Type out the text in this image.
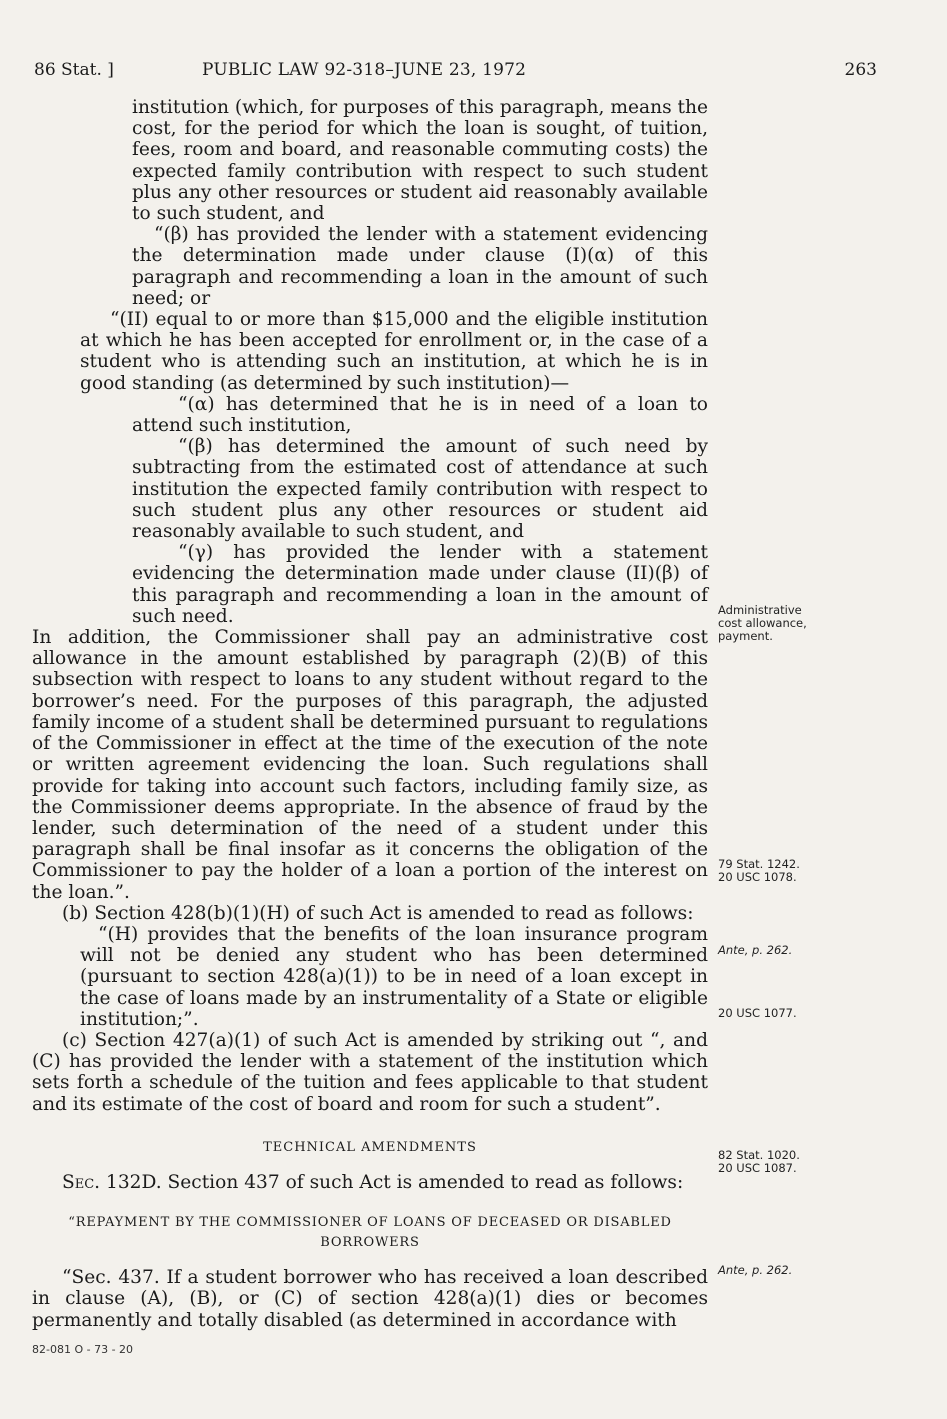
86 Stat. ]	PUBLIC LAW 92-318–JUNE 23, 1972	263

institution (which, for purposes of this paragraph, means the cost, for the period for which the loan is sought, of tuition, fees, room and board, and reasonable commuting costs) the expected family contribution with respect to such student plus any other resources or student aid reasonably available to such student, and

“(β) has provided the lender with a statement evidencing the determination made under clause (I)(α) of this paragraph and recommending a loan in the amount of such need; or

“(II) equal to or more than $15,000 and the eligible institution at which he has been accepted for enrollment or, in the case of a student who is attending such an institution, at which he is in good standing (as determined by such institution)—

“(α) has determined that he is in need of a loan to attend such institution,

“(β) has determined the amount of such need by subtracting from the estimated cost of attendance at such institution the expected family contribution with respect to such student plus any other resources or student aid reasonably available to such student, and

“(γ) has provided the lender with a statement evidencing the determination made under clause (II)(β) of this paragraph and recommending a loan in the amount of such need.

In addition, the Commissioner shall pay an administrative cost allowance in the amount established by paragraph (2)(B) of this subsection with respect to loans to any student without regard to the borrower’s need. For the purposes of this paragraph, the adjusted family income of a student shall be determined pursuant to regulations of the Commissioner in effect at the time of the execution of the note or written agreement evidencing the loan. Such regulations shall provide for taking into account such factors, including family size, as the Commissioner deems appropriate. In the absence of fraud by the lender, such determination of the need of a student under this paragraph shall be final insofar as it concerns the obligation of the Commissioner to pay the holder of a loan a portion of the interest on the loan.”.

(b) Section 428(b)(1)(H) of such Act is amended to read as follows:

“(H) provides that the benefits of the loan insurance program will not be denied any student who has been determined (pursuant to section 428(a)(1)) to be in need of a loan except in the case of loans made by an instrumentality of a State or eligible institution;”.

(c) Section 427(a)(1) of such Act is amended by striking out “, and (C) has provided the lender with a statement of the institution which sets forth a schedule of the tuition and fees applicable to that student and its estimate of the cost of board and room for such a student”.

TECHNICAL AMENDMENTS

Sec. 132D. Section 437 of such Act is amended to read as follows:

“REPAYMENT BY THE COMMISSIONER OF LOANS OF DECEASED OR DISABLED
BORROWERS

“Sec. 437. If a student borrower who has received a loan described in clause (A), (B), or (C) of section 428(a)(1) dies or becomes permanently and totally disabled (as determined in accordance with

Administrative
cost allowance,
payment.
79 Stat. 1242.
20 USC 1078.
Ante, p. 262.
20 USC 1077.
82 Stat. 1020.
20 USC 1087.
Ante, p. 262.
82-081 O - 73 - 20
